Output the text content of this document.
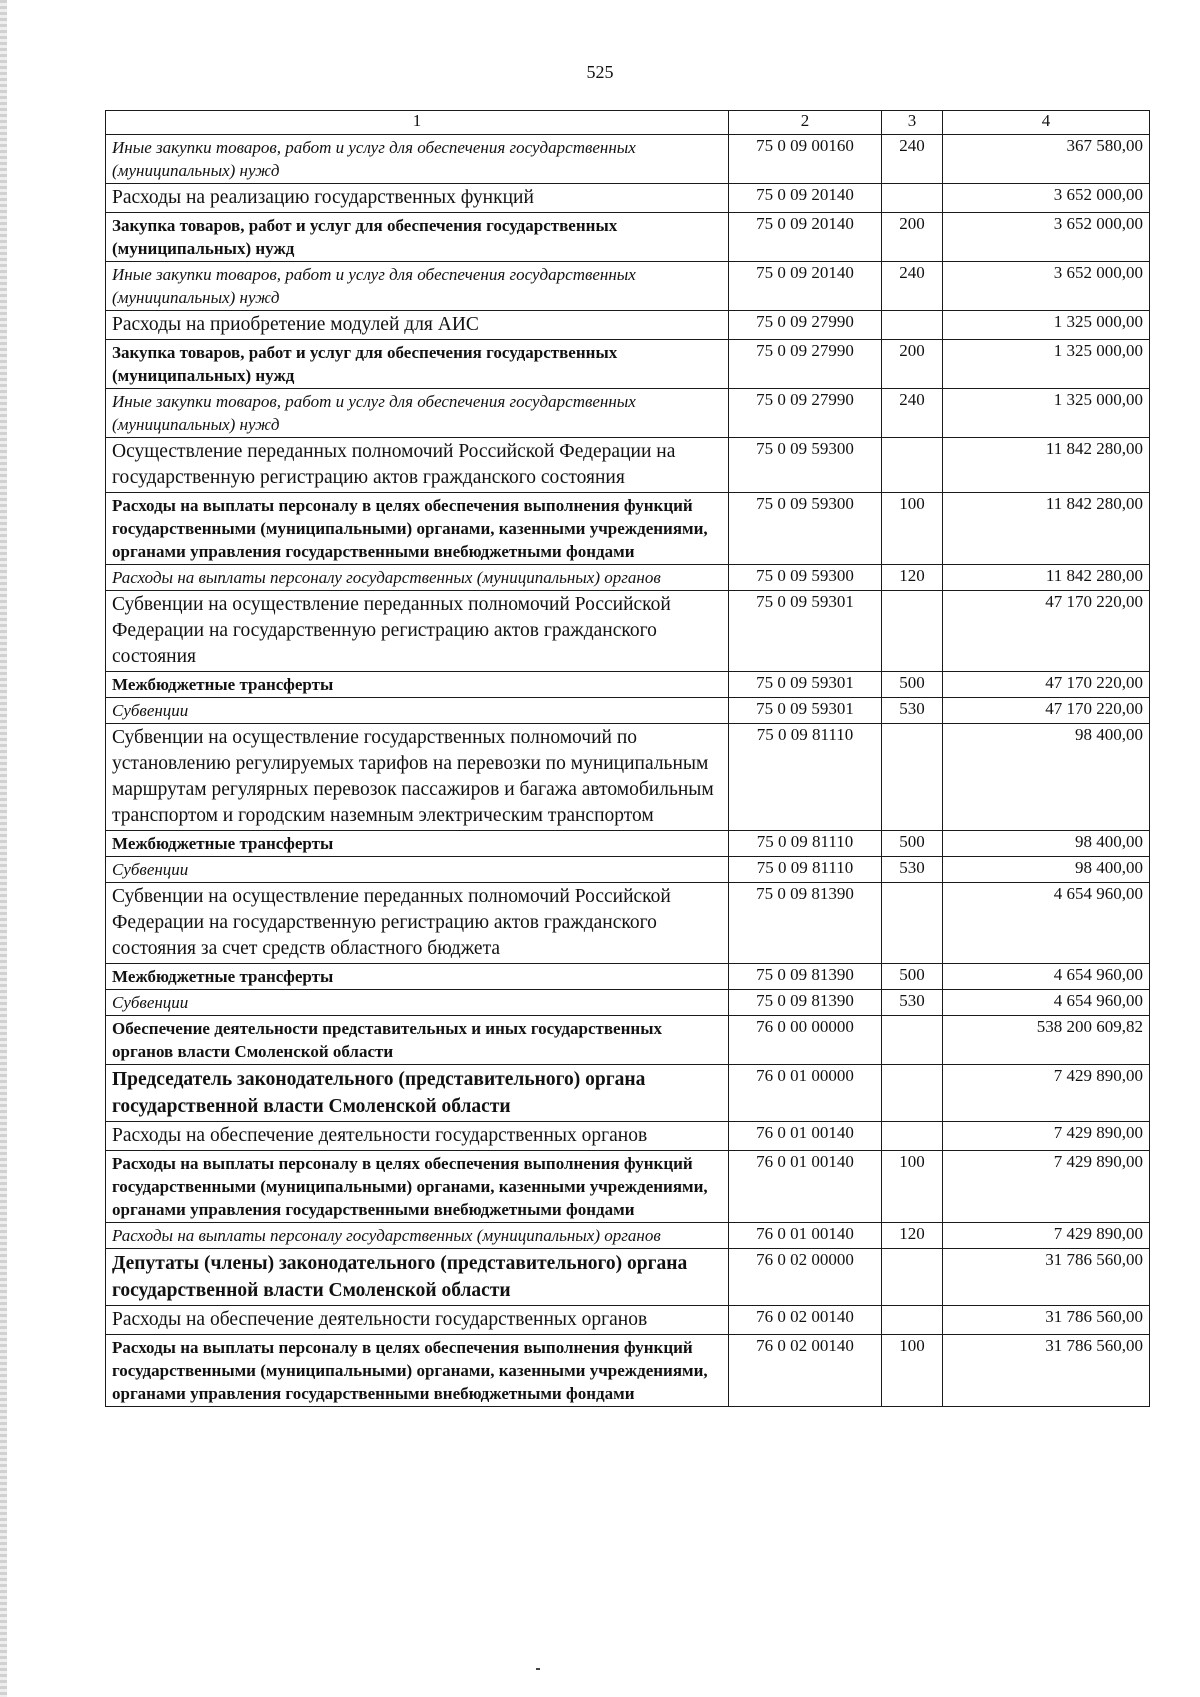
525
1	2	3	4
Иные закупки товаров, работ и услуг для обеспечения государственных (муниципальных) нужд	75 0 09 00160	240	367 580,00
Расходы на реализацию государственных функций	75 0 09 20140		3 652 000,00
Закупка товаров, работ и услуг для обеспечения государственных (муниципальных) нужд	75 0 09 20140	200	3 652 000,00
Иные закупки товаров, работ и услуг для обеспечения государственных (муниципальных) нужд	75 0 09 20140	240	3 652 000,00
Расходы на приобретение модулей для АИС	75 0 09 27990		1 325 000,00
Закупка товаров, работ и услуг для обеспечения государственных (муниципальных) нужд	75 0 09 27990	200	1 325 000,00
Иные закупки товаров, работ и услуг для обеспечения государственных (муниципальных) нужд	75 0 09 27990	240	1 325 000,00
Осуществление переданных полномочий Российской Федерации на государственную регистрацию актов гражданского состояния	75 0 09 59300		11 842 280,00
Расходы на выплаты персоналу в целях обеспечения выполнения функций государственными (муниципальными) органами, казенными учреждениями, органами управления государственными внебюджетными фондами	75 0 09 59300	100	11 842 280,00
Расходы на выплаты персоналу государственных (муниципальных) органов	75 0 09 59300	120	11 842 280,00
Субвенции на осуществление переданных полномочий Российской Федерации на государственную регистрацию актов гражданского состояния	75 0 09 59301		47 170 220,00
Межбюджетные трансферты	75 0 09 59301	500	47 170 220,00
Субвенции	75 0 09 59301	530	47 170 220,00
Субвенции на осуществление государственных полномочий по установлению регулируемых тарифов на перевозки по муниципальным маршрутам регулярных перевозок пассажиров и багажа автомобильным транспортом и городским наземным электрическим транспортом	75 0 09 81110		98 400,00
Межбюджетные трансферты	75 0 09 81110	500	98 400,00
Субвенции	75 0 09 81110	530	98 400,00
Субвенции на осуществление переданных полномочий Российской Федерации на государственную регистрацию актов гражданского состояния за счет средств областного бюджета	75 0 09 81390		4 654 960,00
Межбюджетные трансферты	75 0 09 81390	500	4 654 960,00
Субвенции	75 0 09 81390	530	4 654 960,00
Обеспечение деятельности представительных и иных государственных органов власти Смоленской области	76 0 00 00000		538 200 609,82
Председатель законодательного (представительного) органа государственной власти Смоленской области	76 0 01 00000		7 429 890,00
Расходы на обеспечение деятельности государственных органов	76 0 01 00140		7 429 890,00
Расходы на выплаты персоналу в целях обеспечения выполнения функций государственными (муниципальными) органами, казенными учреждениями, органами управления государственными внебюджетными фондами	76 0 01 00140	100	7 429 890,00
Расходы на выплаты персоналу государственных (муниципальных) органов	76 0 01 00140	120	7 429 890,00
Депутаты (члены) законодательного (представительного) органа государственной власти Смоленской области	76 0 02 00000		31 786 560,00
Расходы на обеспечение деятельности государственных органов	76 0 02 00140		31 786 560,00
Расходы на выплаты персоналу в целях обеспечения выполнения функций государственными (муниципальными) органами, казенными учреждениями, органами управления государственными внебюджетными фондами	76 0 02 00140	100	31 786 560,00
